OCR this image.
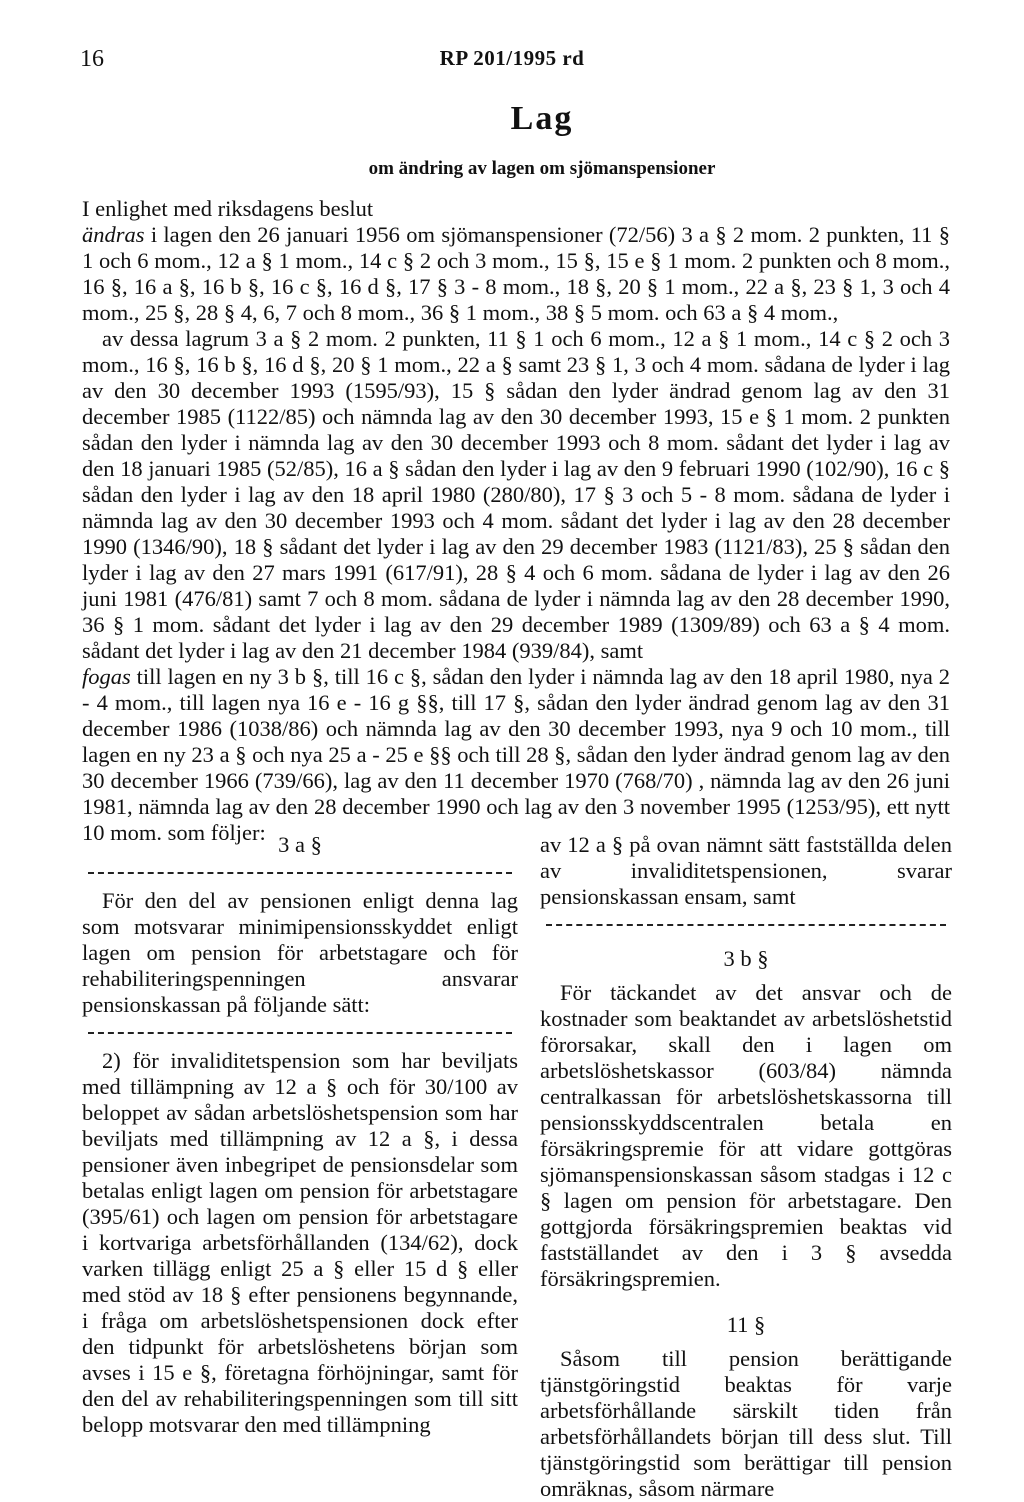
16	RP 201/1995 rd
Lag
om ändring av lagen om sjömanspensioner

I enlighet med riksdagens beslut

ändras i lagen den 26 januari 1956 om sjömanspensioner (72/56) 3 a § 2 mom. 2 punkten, 11 § 1 och 6 mom., 12 a § 1 mom., 14 c § 2 och 3 mom., 15 §, 15 e § 1 mom. 2 punkten och 8 mom., 16 §, 16 a §, 16 b §, 16 c §, 16 d §, 17 § 3 - 8 mom., 18 §, 20 § 1 mom., 22 a §, 23 § 1, 3 och 4 mom., 25 §, 28 § 4, 6, 7 och 8 mom., 36 § 1 mom., 38 § 5 mom. och 63 a § 4 mom.,

av dessa lagrum 3 a § 2 mom. 2 punkten, 11 § 1 och 6 mom., 12 a § 1 mom., 14 c § 2 och 3 mom., 16 §, 16 b §, 16 d §, 20 § 1 mom., 22 a § samt 23 § 1, 3 och 4 mom. sådana de lyder i lag av den 30 december 1993 (1595/93), 15 § sådan den lyder ändrad genom lag av den 31 december 1985 (1122/85) och nämnda lag av den 30 december 1993, 15 e § 1 mom. 2 punkten sådan den lyder i nämnda lag av den 30 december 1993 och 8 mom. sådant det lyder i lag av den 18 januari 1985 (52/85), 16 a § sådan den lyder i lag av den 9 februari 1990 (102/90), 16 c § sådan den lyder i lag av den 18 april 1980 (280/80), 17 § 3 och 5 - 8 mom. sådana de lyder i nämnda lag av den 30 december 1993 och 4 mom. sådant det lyder i lag av den 28 december 1990 (1346/90), 18 § sådant det lyder i lag av den 29 december 1983 (1121/83), 25 § sådan den lyder i lag av den 27 mars 1991 (617/91), 28 § 4 och 6 mom. sådana de lyder i lag av den 26 juni 1981 (476/81) samt 7 och 8 mom. sådana de lyder i nämnda lag av den 28 december 1990, 36 § 1 mom. sådant det lyder i lag av den 29 december 1989 (1309/89) och 63 a § 4 mom. sådant det lyder i lag av den 21 december 1984 (939/84), samt

fogas till lagen en ny 3 b §, till 16 c §, sådan den lyder i nämnda lag av den 18 april 1980, nya 2 - 4 mom., till lagen nya 16 e - 16 g §§, till 17 §, sådan den lyder ändrad genom lag av den 31 december 1986 (1038/86) och nämnda lag av den 30 december 1993, nya 9 och 10 mom., till lagen en ny 23 a § och nya 25 a - 25 e §§ och till 28 §, sådan den lyder ändrad genom lag av den 30 december 1966 (739/66), lag av den 11 december 1970 (768/70) , nämnda lag av den 26 juni 1981, nämnda lag av den 28 december 1990 och lag av den 3 november 1995 (1253/95), ett nytt 10 mom. som följer: 3 a §

För den del av pensionen enligt denna lag som motsvarar minimipensionsskyddet enligt lagen om pension för arbetstagare och för rehabiliteringspenningen ansvarar pensionskassan på följande sätt:

2) för invaliditetspension som har beviljats med tillämpning av 12 a § och för 30/100 av beloppet av sådan arbetslöshetspension som har beviljats med tillämpning av 12 a §, i dessa pensioner även inbegripet de pensionsdelar som betalas enligt lagen om pension för arbetstagare (395/61) och lagen om pension för arbetstagare i kortvariga arbetsförhållanden (134/62), dock varken tillägg enligt 25 a § eller 15 d § eller med stöd av 18 § efter pensionens begynnande, i fråga om arbetslöshetspensionen dock efter den tidpunkt för arbetslöshetens början som avses i 15 e §, företagna förhöjningar, samt för den del av rehabiliteringspenningen som till sitt belopp motsvarar den med tillämpning

av 12 a § på ovan nämnt sätt fastställda delen av invaliditetspensionen, svarar pensionskassan ensam, samt

3 b §

För täckandet av det ansvar och de kostnader som beaktandet av arbetslöshetstid förorsakar, skall den i lagen om arbetslöshetskassor (603/84) nämnda centralkassan för arbetslöshetskassorna till pensionsskyddscentralen betala en försäkringspremie för att vidare gottgöras sjömanspensionskassan såsom stadgas i 12 c § lagen om pension för arbetstagare. Den gottgjorda försäkringspremien beaktas vid fastställandet av den i 3 § avsedda försäkringspremien.

11 §

Såsom till pension berättigande tjänstgöringstid beaktas för varje arbetsförhållande särskilt tiden från arbetsförhållandets början till dess slut. Till tjänstgöringstid som berättigar till pension omräknas, såsom närmare
